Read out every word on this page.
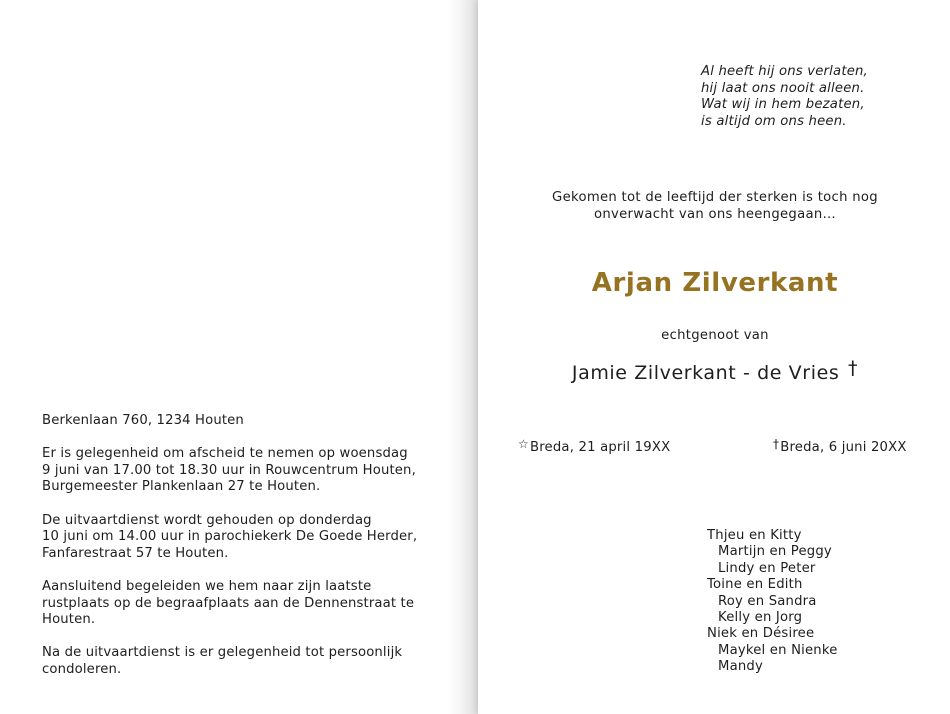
Berkenlaan 760, 1234 Houten

Er is gelegenheid om afscheid te nemen op woensdag
9 juni van 17.00 tot 18.30 uur in Rouwcentrum Houten,
Burgemeester Plankenlaan 27 te Houten.

De uitvaartdienst wordt gehouden op donderdag
10 juni om 14.00 uur in parochiekerk De Goede Herder,
Fanfarestraat 57 te Houten.

Aansluitend begeleiden we hem naar zijn laatste
rustplaats op de begraafplaats aan de Dennenstraat te
Houten.

Na de uitvaartdienst is er gelegenheid tot persoonlijk
condoleren.

Al heeft hij ons verlaten,
hij laat ons nooit alleen.
Wat wij in hem bezaten,
is altijd om ons heen.
Gekomen tot de leeftijd der sterken is toch nog
onverwacht van ons heengegaan…
Arjan Zilverkant
echtgenoot van
Jamie Zilverkant - de Vries †
☆Breda, 21 april 19XX	†Breda, 6 juni 20XX
Thjeu en Kitty
Martijn en Peggy
Lindy en Peter
Toine en Edith
Roy en Sandra
Kelly en Jorg
Niek en Désiree
Maykel en Nienke
Mandy
